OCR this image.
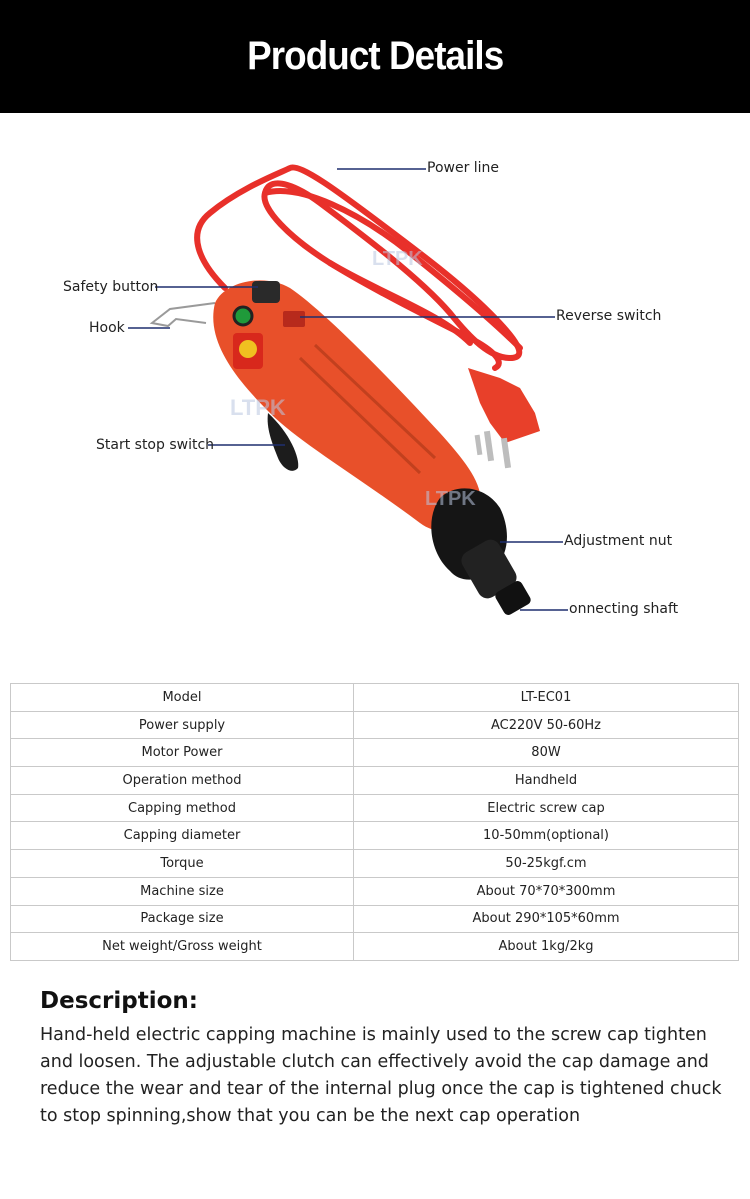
Product Details
LTPK
LTPK
LTPK
Power line
Safety button
Hook
Reverse switch
Start stop switch
Adjustment nut
onnecting shaft
Model	LT-EC01
Power supply	AC220V 50-60Hz
Motor Power	80W
Operation method	Handheld
Capping method	Electric screw cap
Capping diameter	10-50mm(optional)
Torque	50-25kgf.cm
Machine size	About 70*70*300mm
Package size	About 290*105*60mm
Net weight/Gross weight	About 1kg/2kg
Description:

Hand-held electric capping machine is mainly used to the screw cap tighten and loosen. The adjustable clutch can effectively avoid the cap damage and reduce the wear and tear of the internal plug once the cap is tightened chuck to stop spinning,show that you can be the next cap operation
